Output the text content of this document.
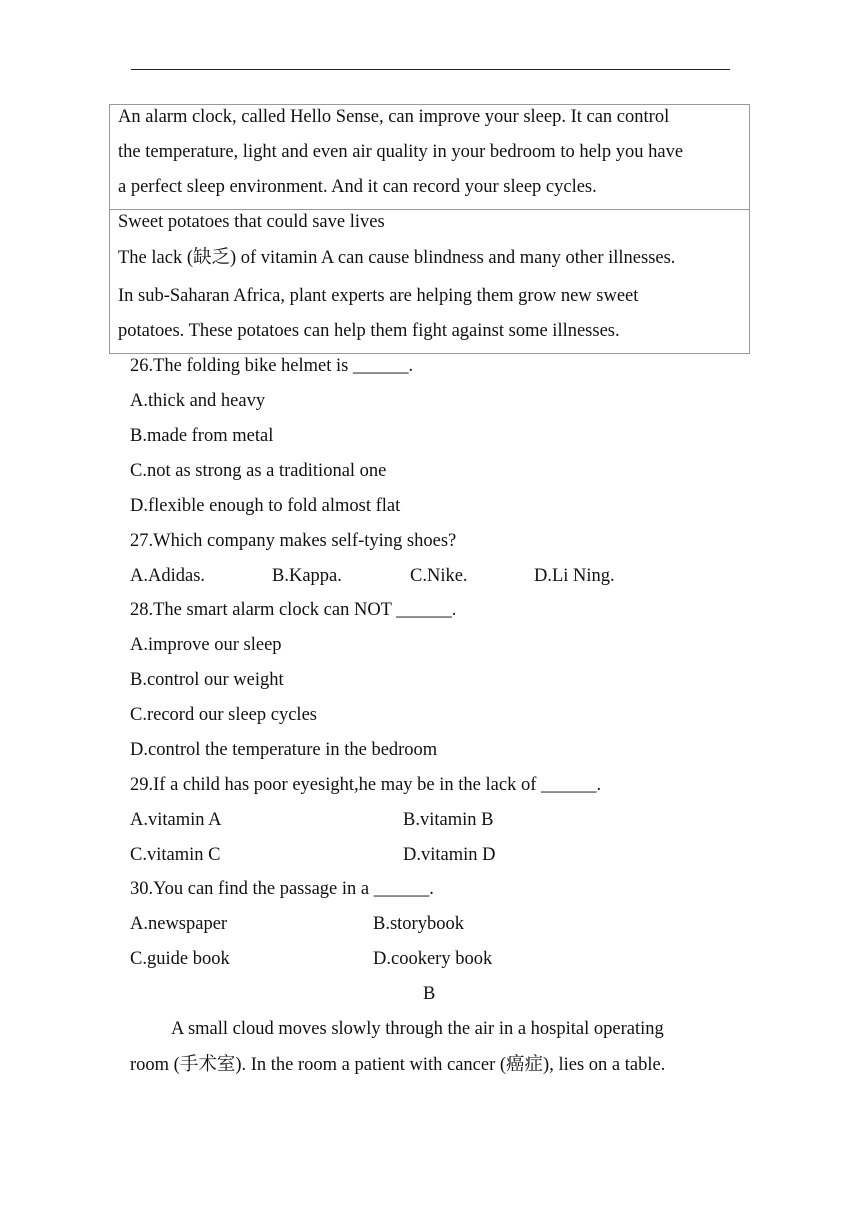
An alarm clock, called Hello Sense, can improve your sleep. It can control
the temperature, light and even air quality in your bedroom to help you have
a perfect sleep environment. And it can record your sleep cycles.
Sweet potatoes that could save lives
The lack (缺乏) of vitamin A can cause blindness and many other illnesses.
In sub-Saharan Africa, plant experts are helping them grow new sweet
potatoes. These potatoes can help them fight against some illnesses.
26.The folding bike helmet is ______.
A.thick and heavy
B.made from metal
C.not as strong as a traditional one
D.flexible enough to fold almost flat
27.Which company makes self-tying shoes?
A.Adidas.	B.Kappa.	C.Nike.	D.Li Ning.
28.The smart alarm clock can NOT ______.
A.improve our sleep
B.control our weight
C.record our sleep cycles
D.control the temperature in the bedroom
29.If a child has poor eyesight,he may be in the lack of ______.
A.vitamin A	B.vitamin B
C.vitamin C	D.vitamin D
30.You can find the passage in a ______.
A.newspaper	B.storybook
C.guide book	D.cookery book
B
A small cloud moves slowly through the air in a hospital operating
room (手术室). In the room a patient with cancer (癌症), lies on a table.
